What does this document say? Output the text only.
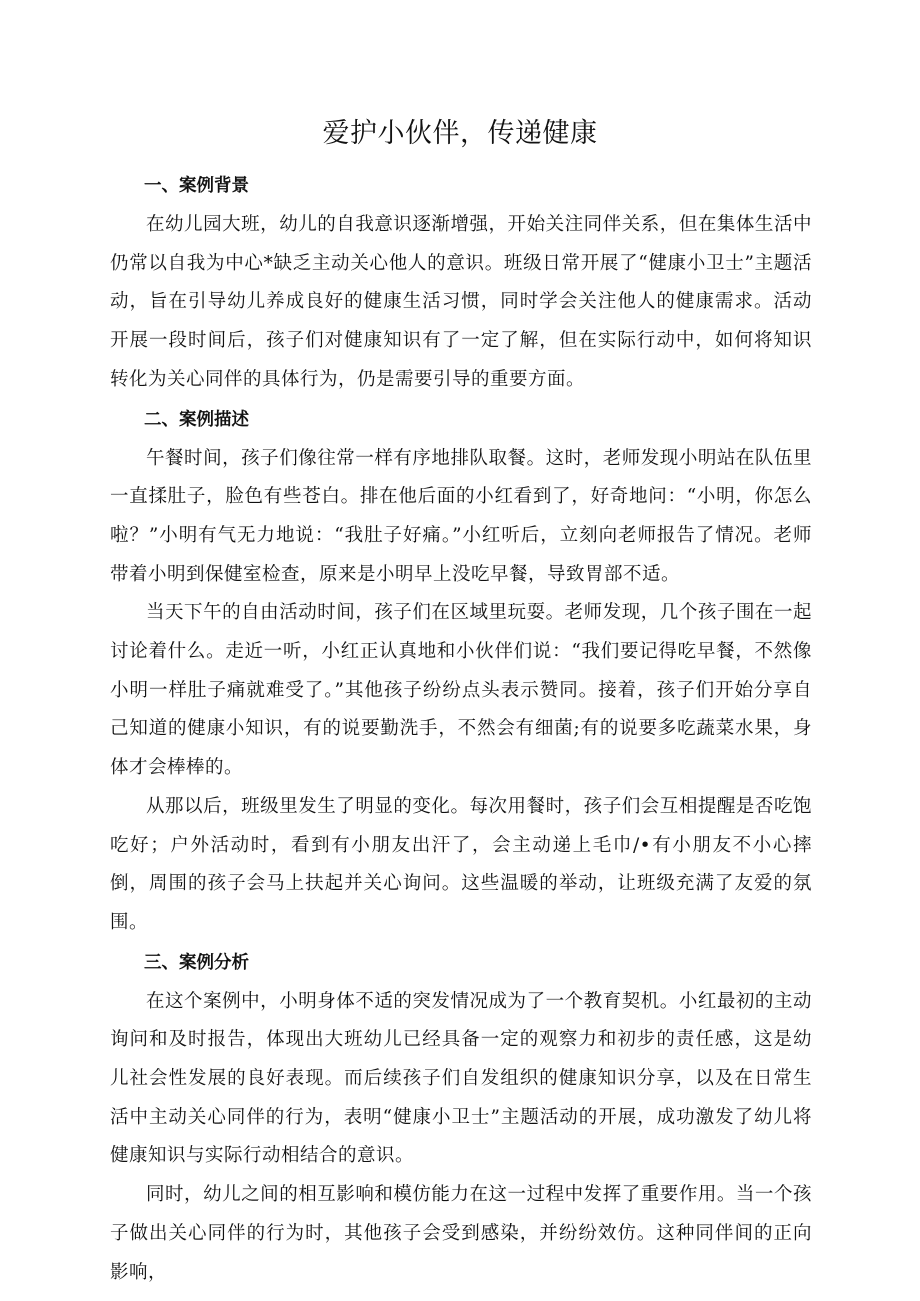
爱护小伙伴，传递健康
一、案例背景

在幼儿园大班，幼儿的自我意识逐渐增强，开始关注同伴关系，但在集体生活中仍常以自我为中心*缺乏主动关心他人的意识。班级日常开展了“健康小卫士”主题活动，旨在引导幼儿养成良好的健康生活习惯，同时学会关注他人的健康需求。活动开展一段时间后，孩子们对健康知识有了一定了解，但在实际行动中，如何将知识转化为关心同伴的具体行为，仍是需要引导的重要方面。

二、案例描述

午餐时间，孩子们像往常一样有序地排队取餐。这时，老师发现小明站在队伍里一直揉肚子，脸色有些苍白。排在他后面的小红看到了，好奇地问：“小明，你怎么啦？”小明有气无力地说：“我肚子好痛。”小红听后，立刻向老师报告了情况。老师带着小明到保健室检查，原来是小明早上没吃早餐，导致胃部不适。

当天下午的自由活动时间，孩子们在区域里玩耍。老师发现，几个孩子围在一起讨论着什么。走近一听，小红正认真地和小伙伴们说：“我们要记得吃早餐，不然像小明一样肚子痛就难受了。”其他孩子纷纷点头表示赞同。接着，孩子们开始分享自己知道的健康小知识，有的说要勤洗手，不然会有细菌;有的说要多吃蔬菜水果，身体才会棒棒的。

从那以后，班级里发生了明显的变化。每次用餐时，孩子们会互相提醒是否吃饱吃好；户外活动时，看到有小朋友出汗了，会主动递上毛巾/•有小朋友不小心摔倒，周围的孩子会马上扶起并关心询问。这些温暖的举动，让班级充满了友爱的氛围。

三、案例分析

在这个案例中，小明身体不适的突发情况成为了一个教育契机。小红最初的主动询问和及时报告，体现出大班幼儿已经具备一定的观察力和初步的责任感，这是幼儿社会性发展的良好表现。而后续孩子们自发组织的健康知识分享，以及在日常生活中主动关心同伴的行为，表明“健康小卫士”主题活动的开展，成功激发了幼儿将健康知识与实际行动相结合的意识。

同时，幼儿之间的相互影响和模仿能力在这一过程中发挥了重要作用。当一个孩子做出关心同伴的行为时，其他孩子会受到感染，并纷纷效仿。这种同伴间的正向影响，
